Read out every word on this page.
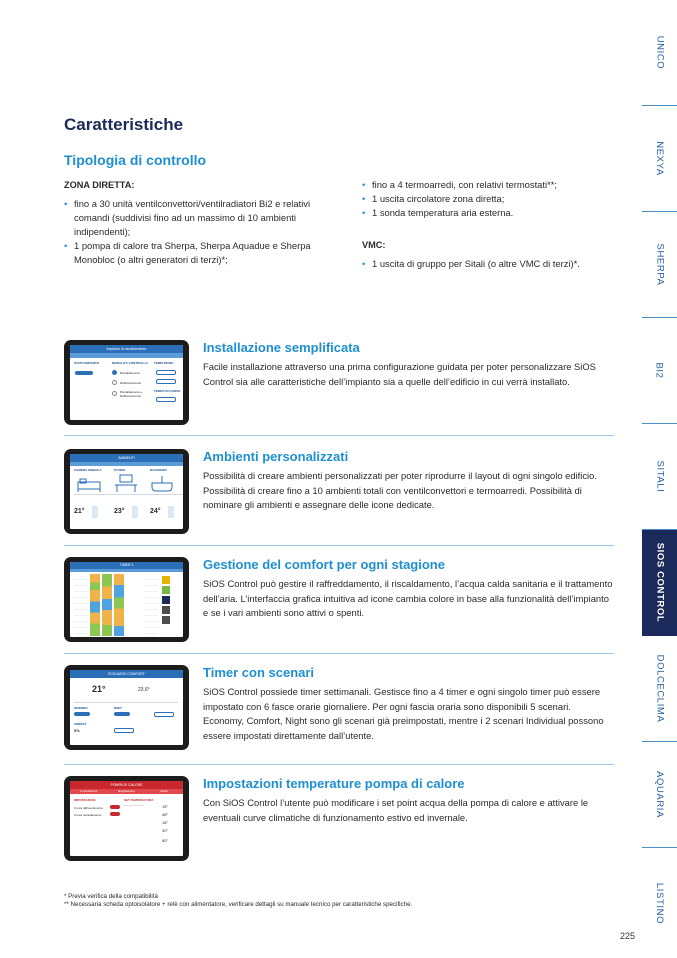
UNICO
NEXYA
SHERPA
BI2
SITALI
SIOS CONTROL
DOLCECLIMA
AQUARIA
LISTINO
Caratteristiche
Tipologia di controllo
ZONA DIRETTA:
• fino a 30 unità ventilconvettori/ventilradiatori Bi2 e relativi comandi (suddivisi fino ad un massimo di 10 ambienti indipendenti);
• 1 pompa di calore tra Sherpa, Sherpa Aquadue e Sherpa Monobloc (o altri generatori di terzi)*;
• fino a 4 termoarredi, con relativi termostati**;
• 1 uscita circolatore zona diretta;
• 1 sonda temperatura aria esterna.
VMC:
• 1 uscita di gruppo per Sitali (o altre VMC di terzi)*.
Impianto di riscaldamento
STATO IMPIANTO	MODALITÀ CONTROLLO TEMPI MODO
Riscaldamento
Raffrescamento
Riscaldamento e Raffrescamento
TEMPO IN CORSO
Installazione semplificata
Facile installazione attraverso una prima configurazione guidata per poter personalizzare SiOS Control sia alle caratteristiche dell’impianto sia a quelle dell’edificio in cui verrà installato.
AMBIENTI
CAMERA SINGOLA	STUDIO	BAGNO/WC
21°	23°	24°
Ambienti personalizzati
Possibilità di creare ambienti personalizzati per poter riprodurre il layout di ogni singolo edificio. Possibilità di creare fino a 10 ambienti totali con ventilconvettori e termoarredi. Possibilità di nominare gli ambienti e assegnare delle icone dedicate.
TIMER 1	Gestione del comfort per ogni stagione
SiOS Control può gestire il raffreddamento, il riscaldamento, l’acqua calda sanitaria e il trattamento dell’aria. L’interfaccia grafica intuitiva ad icone cambia colore in base alla funzionalità dell’impianto e se i vari ambienti sono attivi o spenti.
SCENARIO COMFORT
21°	23.6°
INVERNO	RSET
UMIDITÀ
0%
Timer con scenari
SiOS Control possiede timer settimanali. Gestisce fino a 4 timer e ogni singolo timer può essere impostato con 6 fasce orarie giornaliere. Per ogni fascia oraria sono disponibili 5 scenari. Economy, Comfort, Night sono gli scenari già preimpostati, mentre i 2 scenari Individual possono essere impostati direttamente dall’utente.
POMPA DI CALORE
Impostazioni	Regolazione	Modo
IMPOSTAZIONI	SET TEMPERATURA
Curva raffrescamento
Curva riscaldamento
15°
48°
18°
30°
50°
Impostazioni temperature pompa di calore
Con SiOS Control l’utente può modificare i set point acqua della pompa di calore e attivare le eventuali curve climatiche di funzionamento estivo ed invernale.
* Previa verifica della compatibilità
** Necessaria scheda optoisolatore + relè con alimentatore, verificare dettagli su manuale tecnico per caratteristiche specifiche.
225
